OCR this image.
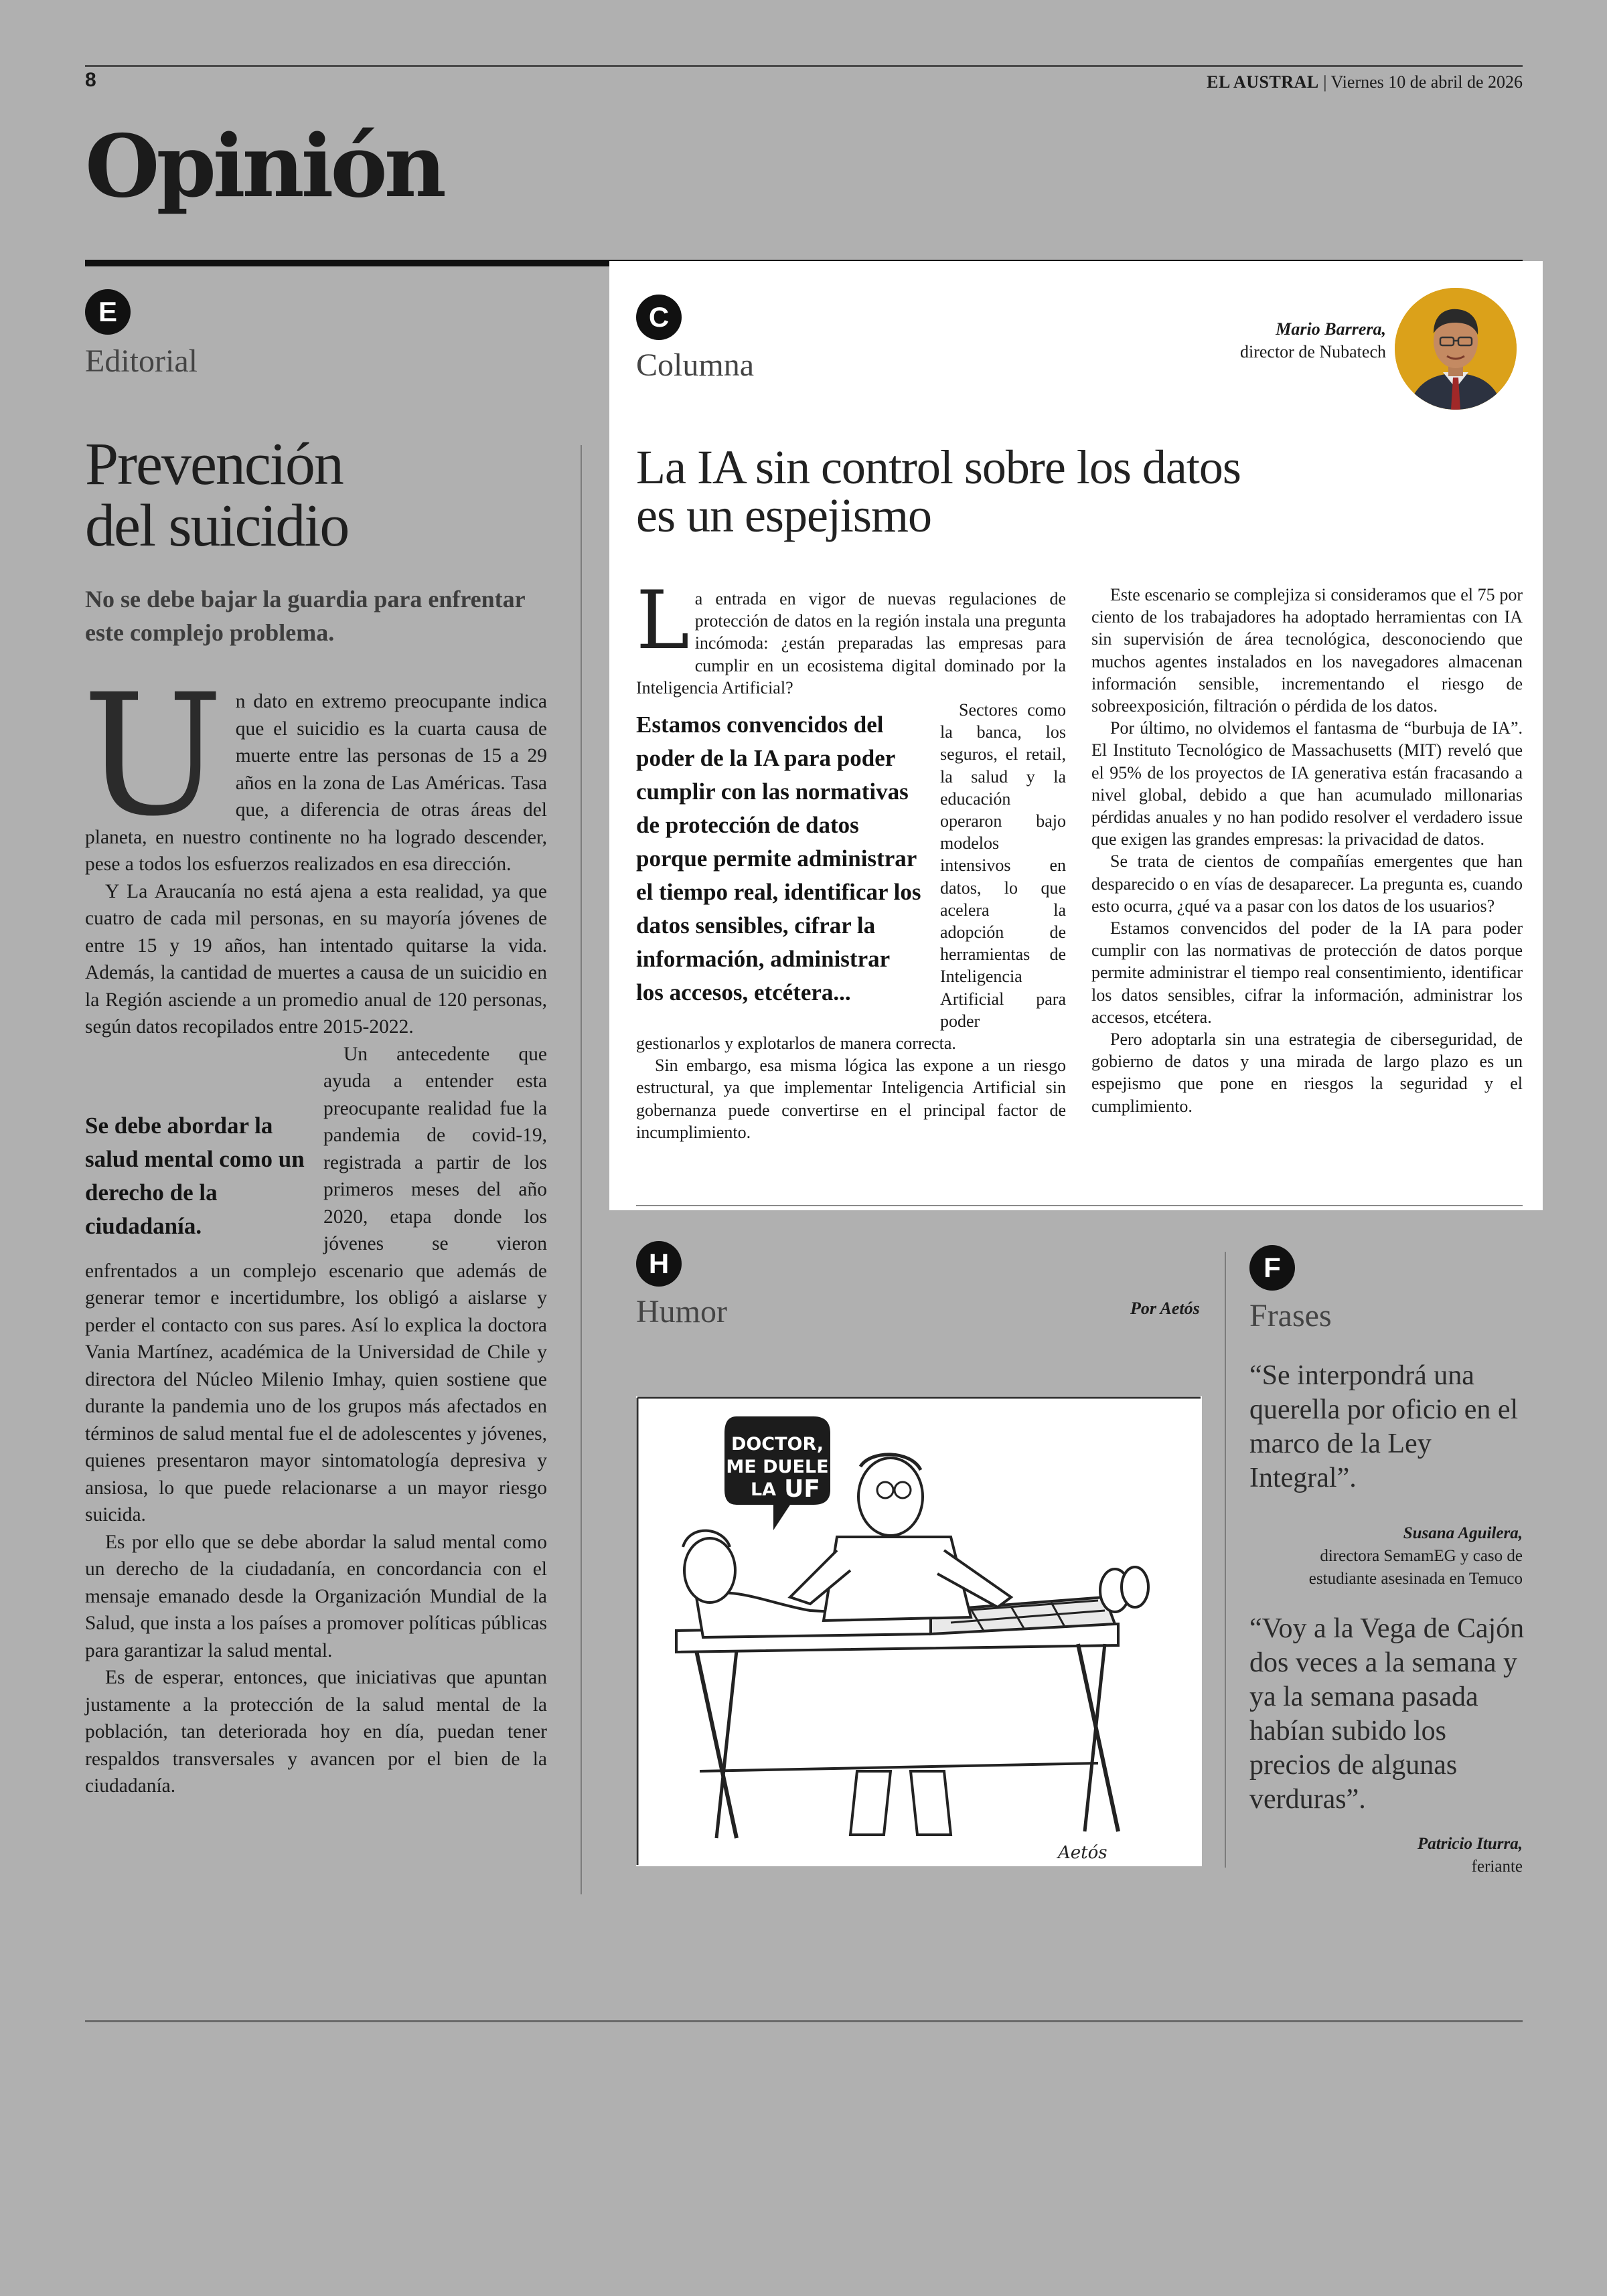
8	EL AUSTRAL | Viernes 10 de abril de 2026
Opinión
E
Editorial
Prevención
del suicidio
No se debe bajar la guardia para enfrentar este complejo problema.
U n dato en extremo preocupante indica que el suicidio es la cuarta causa de muerte entre las personas de 15 a 29 años en la zona de Las Américas. Tasa que, a diferencia de otras áreas del planeta, en nuestro continente no ha logrado descender, pese a todos los esfuerzos realizados en esa dirección.

Y La Araucanía no está ajena a esta realidad, ya que cuatro de cada mil personas, en su mayoría jóvenes de entre 15 y 19 años, han intentado quitarse la vida. Además, la cantidad de muertes a causa de un suicidio en la Región asciende a un promedio anual de 120 personas, según datos recopilados entre 2015-2022.

Se debe abordar la salud mental como un derecho de la ciudadanía.

Un antecedente que ayuda a entender esta preocupante realidad fue la pandemia de covid-19, registrada a partir de los primeros meses del año 2020, etapa donde los jóvenes se vieron enfrentados a un complejo escenario que además de generar temor e incertidumbre, los obligó a aislarse y perder el contacto con sus pares. Así lo explica la doctora Vania Martínez, académica de la Universidad de Chile y directora del Núcleo Milenio Imhay, quien sostiene que durante la pandemia uno de los grupos más afectados en términos de salud mental fue el de adolescentes y jóvenes, quienes presentaron mayor sintomatología depresiva y ansiosa, lo que puede relacionarse a un mayor riesgo suicida.

Es por ello que se debe abordar la salud mental como un derecho de la ciudadanía, en concordancia con el mensaje emanado desde la Organización Mundial de la Salud, que insta a los países a promover políticas públicas para garantizar la salud mental.

Es de esperar, entonces, que iniciativas que apuntan justamente a la protección de la salud mental de la población, tan deteriorada hoy en día, puedan tener respaldos transversales y avancen por el bien de la ciudadanía.

C
Columna
Mario Barrera,
director de Nubatech
La IA sin control sobre los datos
es un espejismo
L a entrada en vigor de nuevas regulaciones de protección de datos en la región instala una pregunta incómoda: ¿están preparadas las empresas para cumplir en un ecosistema digital dominado por la Inteligencia Artificial?

Estamos convencidos del poder de la IA para poder cumplir con las normativas de protección de datos porque permite administrar el tiempo real, identificar los datos sensibles, cifrar la información, administrar los accesos, etcétera...

Sectores como la banca, los seguros, el retail, la salud y la educación operaron bajo modelos intensivos en datos, lo que acelera la adopción de herramientas de Inteligencia Artificial para poder gestionarlos y explotarlos de manera correcta.

Sin embargo, esa misma lógica las expone a un riesgo estructural, ya que implementar Inteligencia Artificial sin gobernanza puede convertirse en el principal factor de incumplimiento.

Este escenario se complejiza si consideramos que el 75 por ciento de los trabajadores ha adoptado herramientas con IA sin supervisión de área tecnológica, desconociendo que muchos agentes instalados en los navegadores almacenan información sensible, incrementando el riesgo de sobreexposición, filtración o pérdida de los datos.

Por último, no olvidemos el fantasma de “burbuja de IA”. El Instituto Tecnológico de Massachusetts (MIT) reveló que el 95% de los proyectos de IA generativa están fracasando a nivel global, debido a que han acumulado millonarias pérdidas anuales y no han podido resolver el verdadero issue que exigen las grandes empresas: la privacidad de datos.

Se trata de cientos de compañías emergentes que han desparecido o en vías de desaparecer. La pregunta es, cuando esto ocurra, ¿qué va a pasar con los datos de los usuarios?

Estamos convencidos del poder de la IA para poder cumplir con las normativas de protección de datos porque permite administrar el tiempo real consentimiento, identificar los datos sensibles, cifrar la información, administrar los accesos, etcétera.

Pero adoptarla sin una estrategia de ciberseguridad, de gobierno de datos y una mirada de largo plazo es un espejismo que pone en riesgos la seguridad y el cumplimiento.

H
Humor	Por Aetós
DOCTOR,
ME DUELE
LA UF
Aetós
F
Frases
“Se interpondrá una querella por oficio en el marco de la Ley Integral”.
Susana Aguilera,
directora SemamEG y caso de
estudiante asesinada en Temuco
“Voy a la Vega de Cajón dos veces a la semana y ya la semana pasada habían subido los precios de algunas verduras”.
Patricio Iturra,
feriante
